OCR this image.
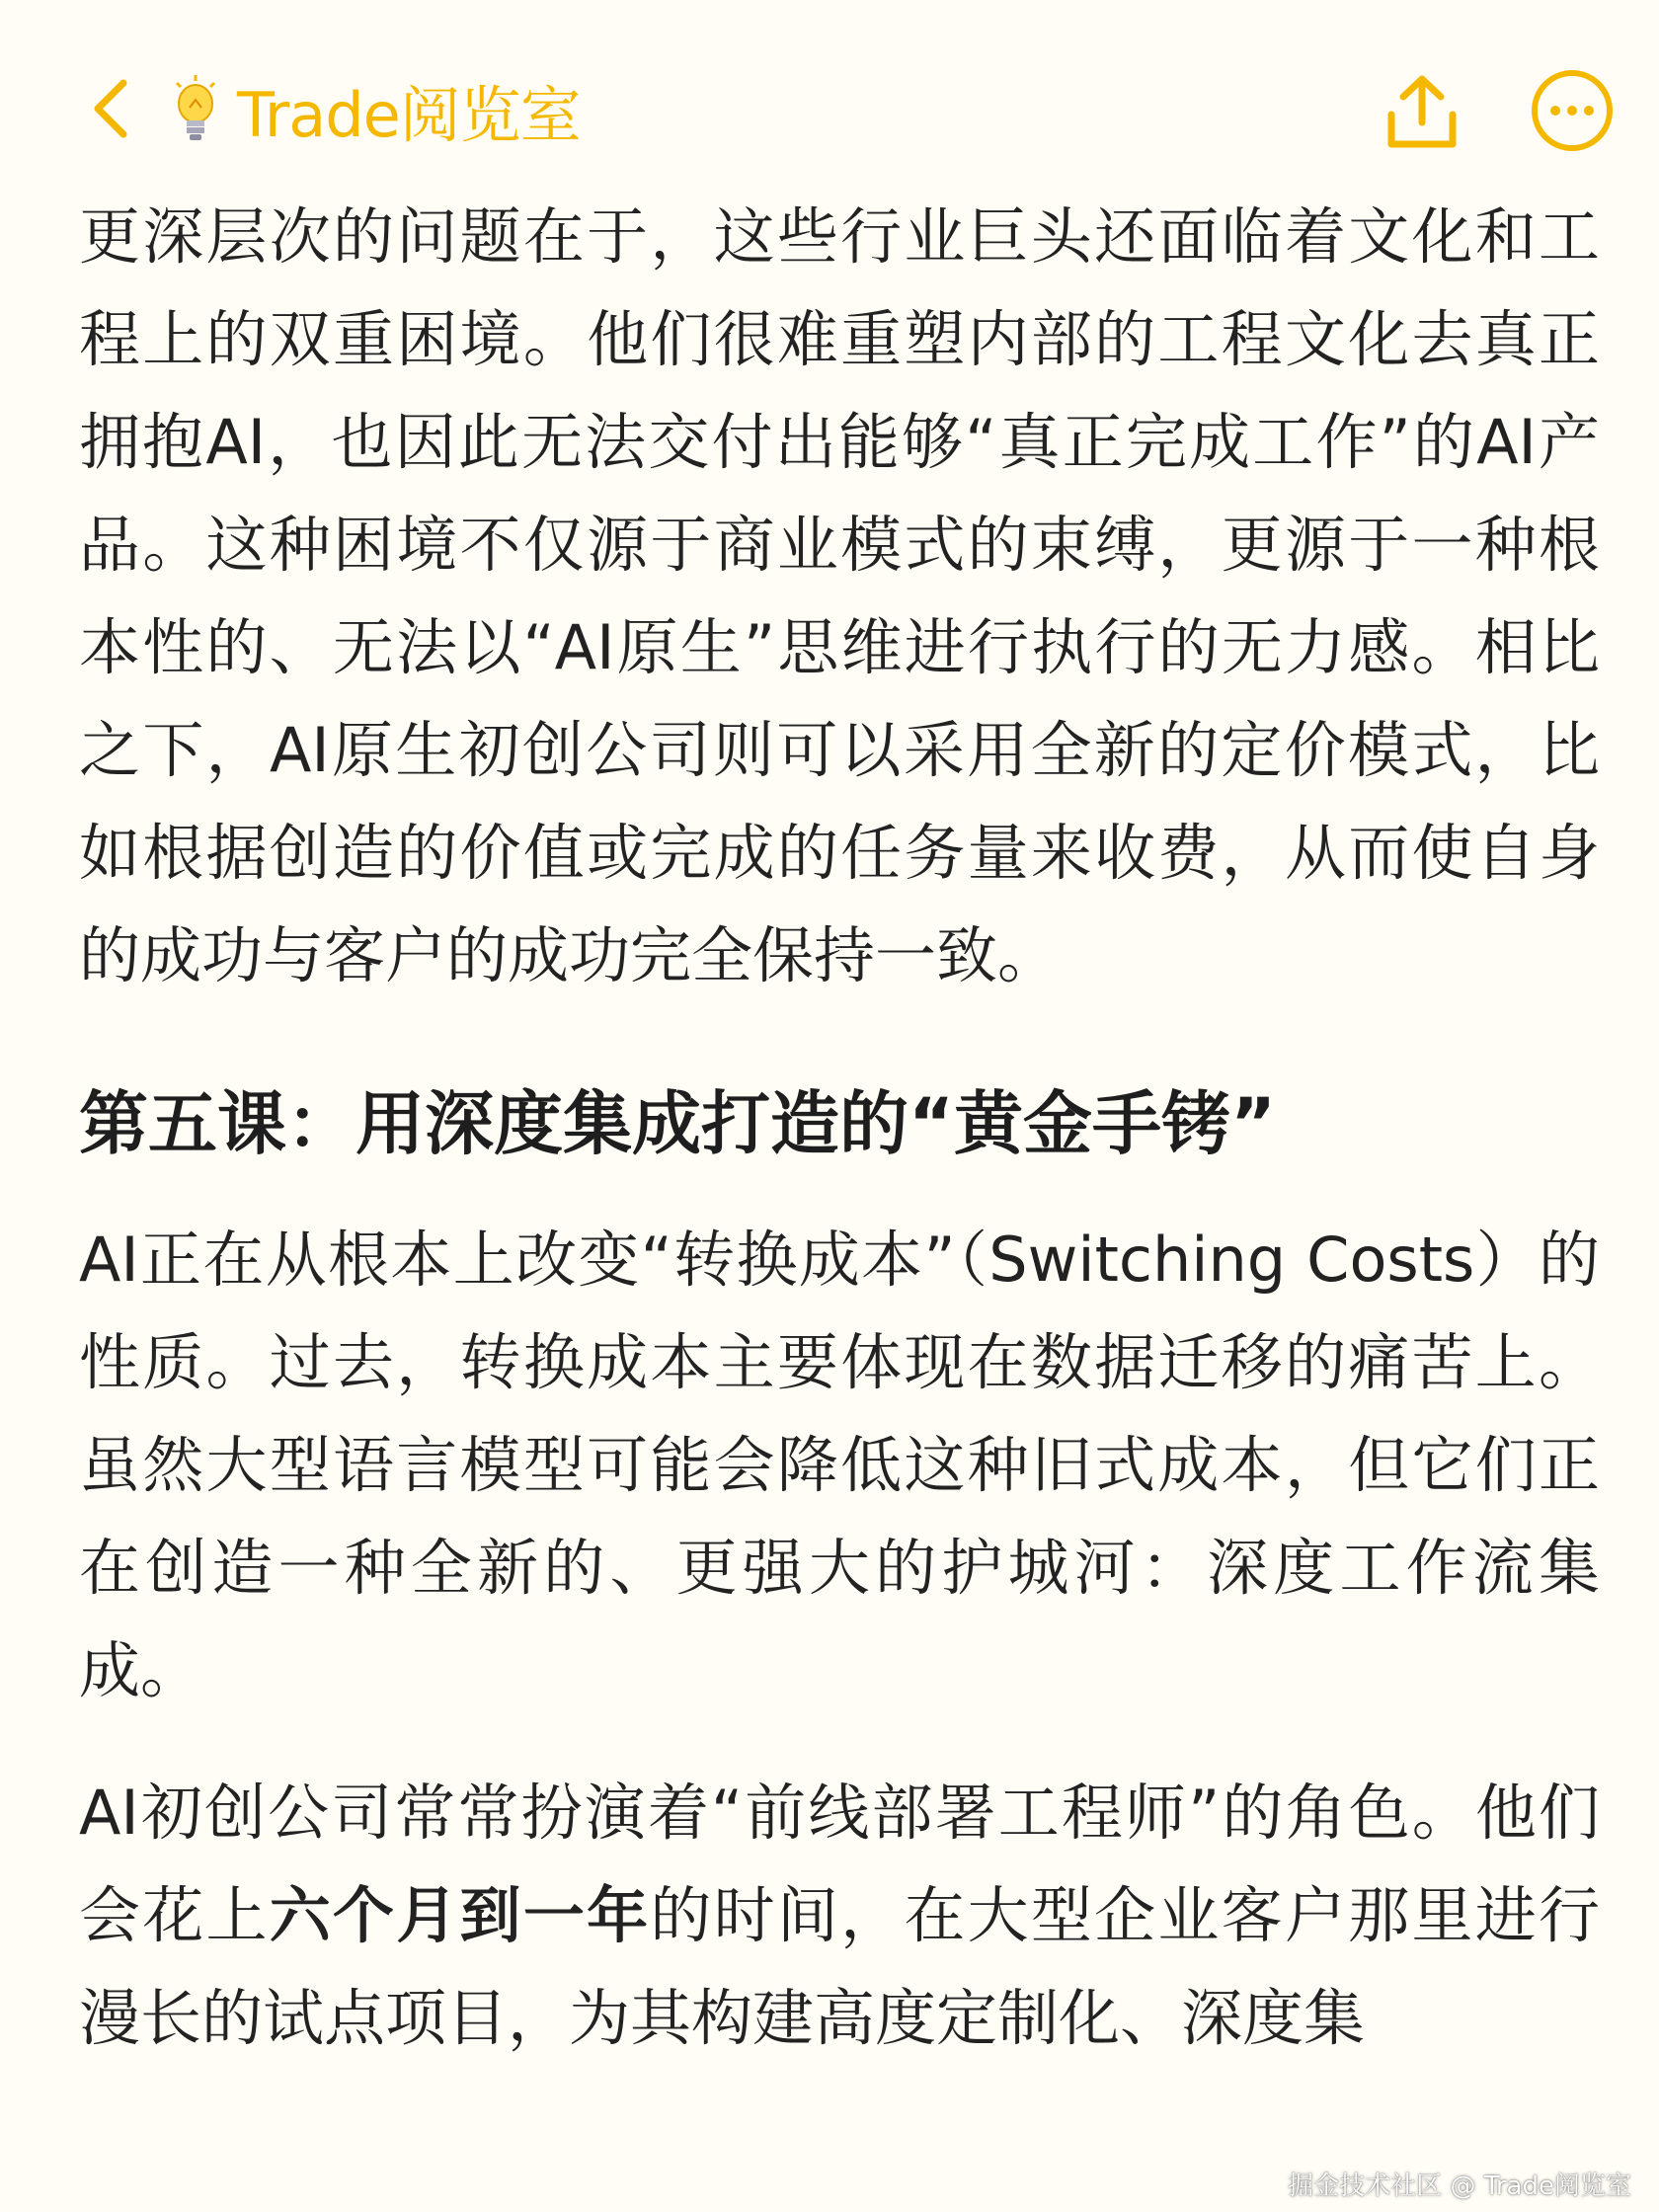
Trade阅览室

更深层次的问题在于，这些行业巨头还面临着文化和工程上的双重困境。他们很难重塑内部的工程文化去真正拥抱AI，也因此无法交付出能够“真正完成工作”的AI产品。这种困境不仅源于商业模式的束缚，更源于一种根本性的、无法以“AI原生”思维进行执行的无力感。相比之下，AI原生初创公司则可以采用全新的定价模式，比如根据创造的价值或完成的任务量来收费，从而使自身的成功与客户的成功完全保持一致。

第五课：用深度集成打造的“黄金手铐”

AI正在从根本上改变“转换成本”（Switching Costs）的性质。过去，转换成本主要体现在数据迁移的痛苦上。虽然大型语言模型可能会降低这种旧式成本，但它们正在创造一种全新的、更强大的护城河：深度工作流集成。

AI初创公司常常扮演着“前线部署工程师”的角色。他们会花上六个月到一年的时间，在大型企业客户那里进行漫长的试点项目，为其构建高度定制化、深度集

掘金技术社区 @ Trade阅览室
